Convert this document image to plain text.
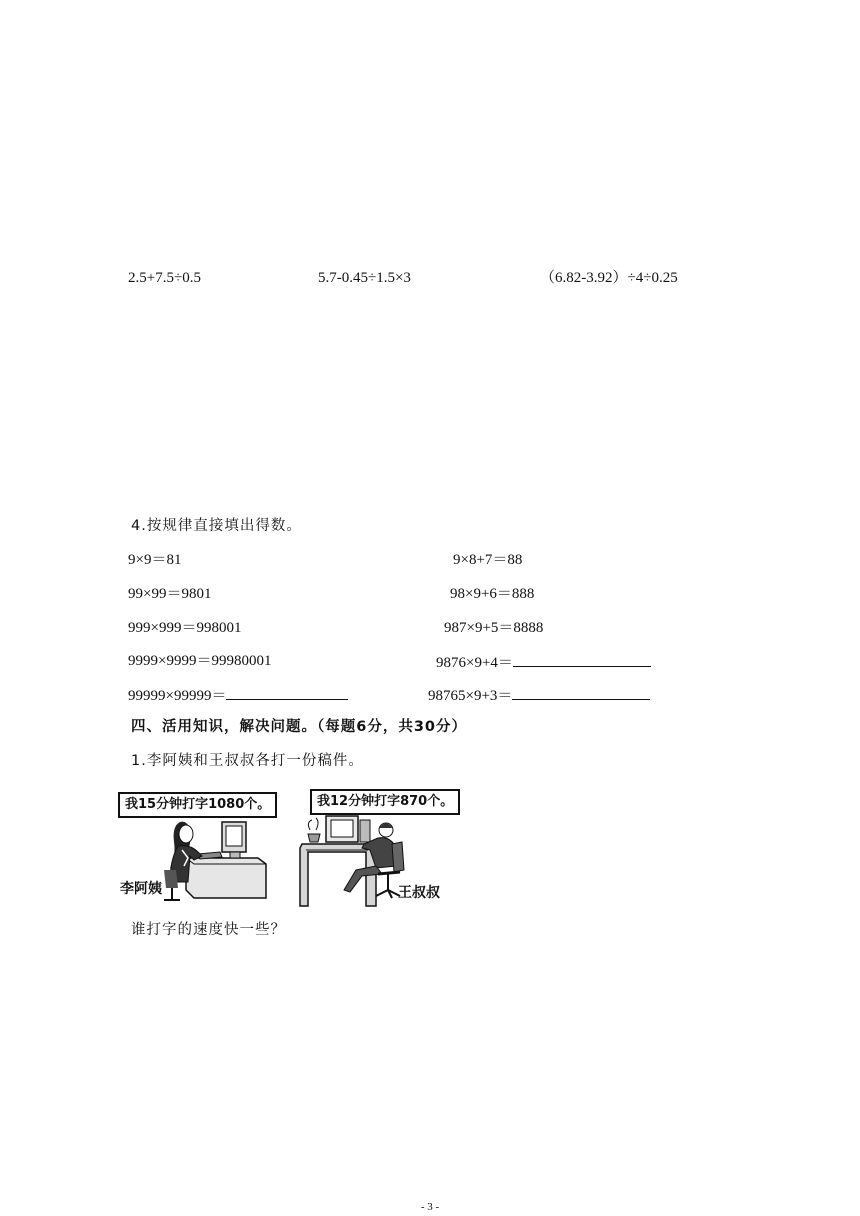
2.5+7.5÷0.5	5.7-0.45÷1.5×3	（6.82-3.92）÷4÷0.25
4.按规律直接填出得数。
9×9＝81
99×99＝9801
999×999＝998001
9999×9999＝99980001
99999×99999＝
9×8+7＝88
98×9+6＝888
987×9+5＝8888
9876×9+4＝
98765×9+3＝
四、活用知识，解决问题。（每题6分，共30分）
1.李阿姨和王叔叔各打一份稿件。
我15分钟打字1080个。
李阿姨
我12分钟打字870个。
王叔叔
谁打字的速度快一些？
- 3 -
